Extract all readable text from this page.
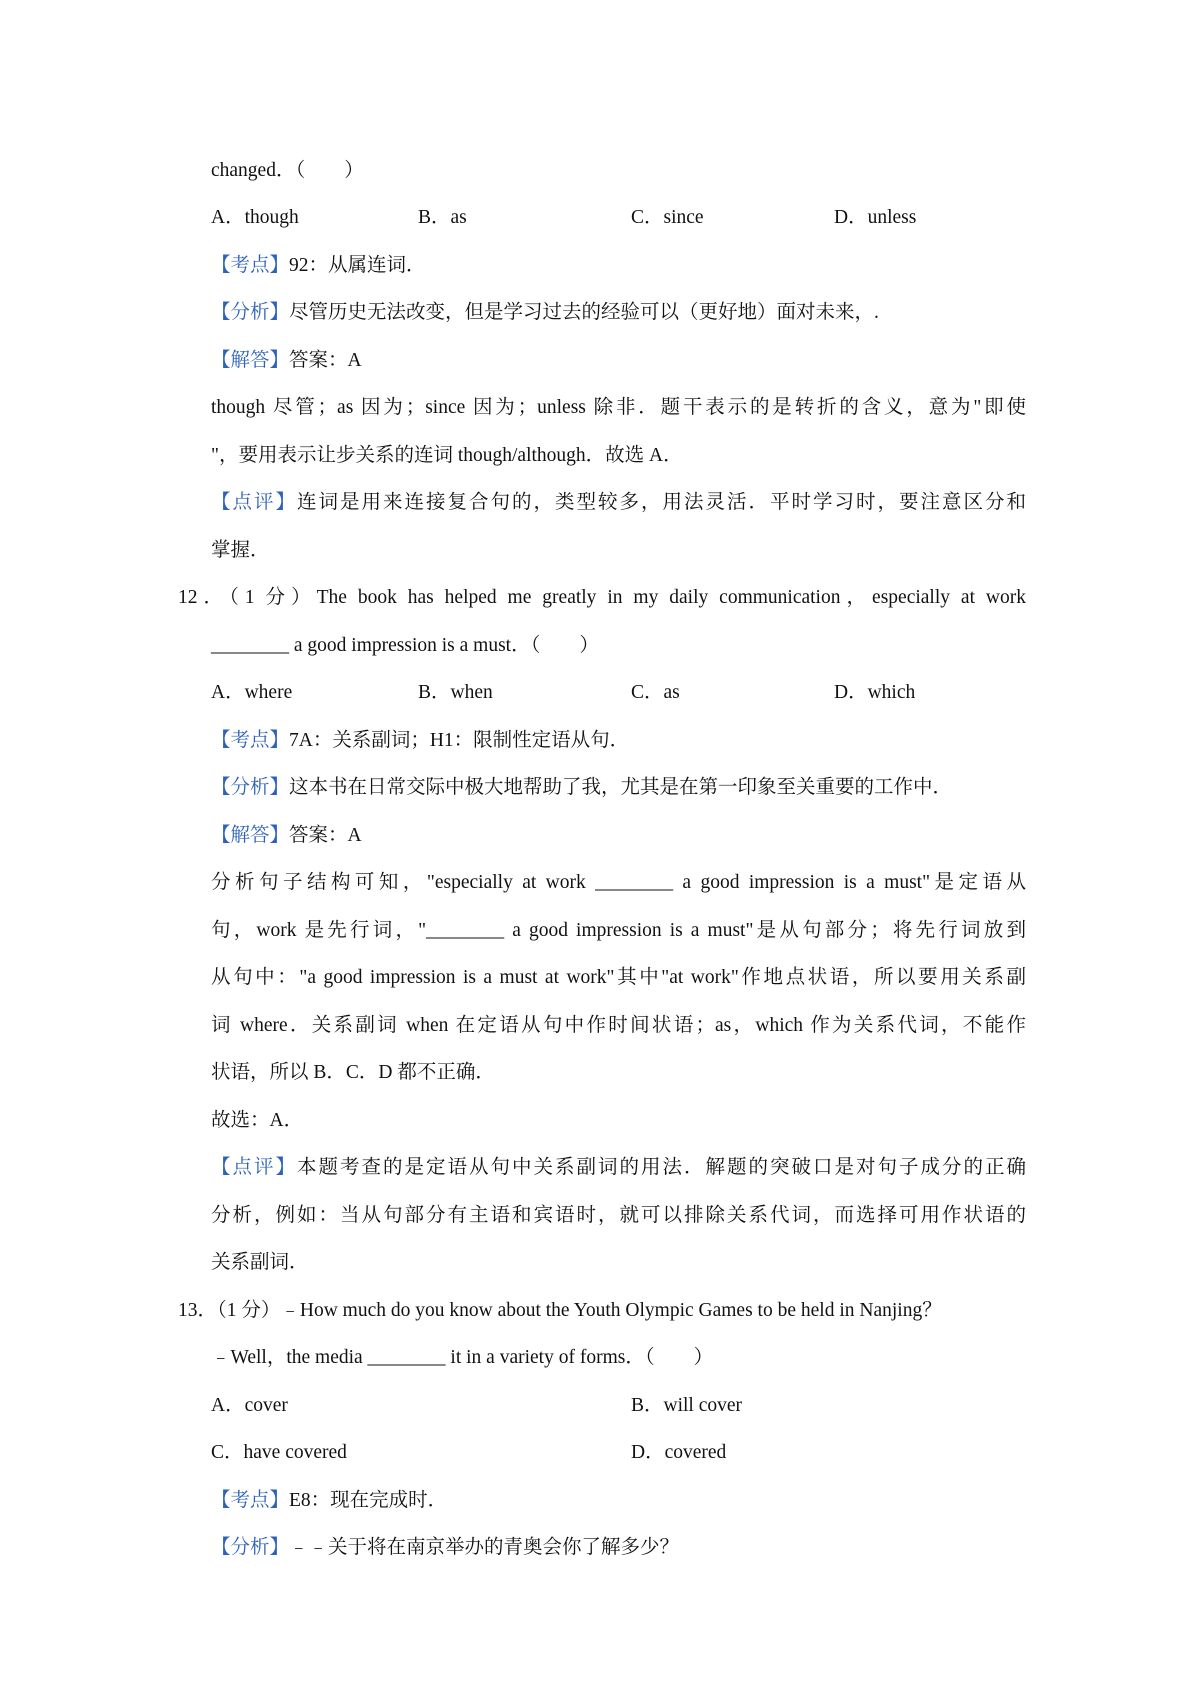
changed．（　　）
A．though	B．as	C．since	D．unless
【考点】92：从属连词．
【分析】尽管历史无法改变，但是学习过去的经验可以（更好地）面对未来，.
【解答】答案：A
though 尽管；as 因为；since 因为；unless 除非．题干表示的是转折的含义，意为"即使
"，要用表示让步关系的连词 though/although．故选 A．
【点评】连词是用来连接复合句的，类型较多，用法灵活．平时学习时，要注意区分和
掌握．
12．（1 分）The book has helped me greatly in my daily communication，especially at work
________ a good impression is a must．（　　）
A．where	B．when	C．as	D．which
【考点】7A：关系副词；H1：限制性定语从句．
【分析】这本书在日常交际中极大地帮助了我，尤其是在第一印象至关重要的工作中．
【解答】答案：A
分析句子结构可知，"especially at work ________ a good impression is a must"是定语从
句，work 是先行词，"________ a good impression is a must"是从句部分；将先行词放到
从句中："a good impression is a must at work"其中"at work"作地点状语，所以要用关系副
词 where．关系副词 when 在定语从句中作时间状语；as，which 作为关系代词，不能作
状语，所以 B．C．D 都不正确．
故选：A．
【点评】本题考查的是定语从句中关系副词的用法．解题的突破口是对句子成分的正确
分析，例如：当从句部分有主语和宾语时，就可以排除关系代词，而选择可用作状语的
关系副词．
13．（1 分）﹣How much do you know about the Youth Olympic Games to be held in Nanjing？
﹣Well，the media ________ it in a variety of forms．（　　）
A．cover	B．will cover
C．have covered	D．covered
【考点】E8：现在完成时．
【分析】﹣﹣关于将在南京举办的青奥会你了解多少？
